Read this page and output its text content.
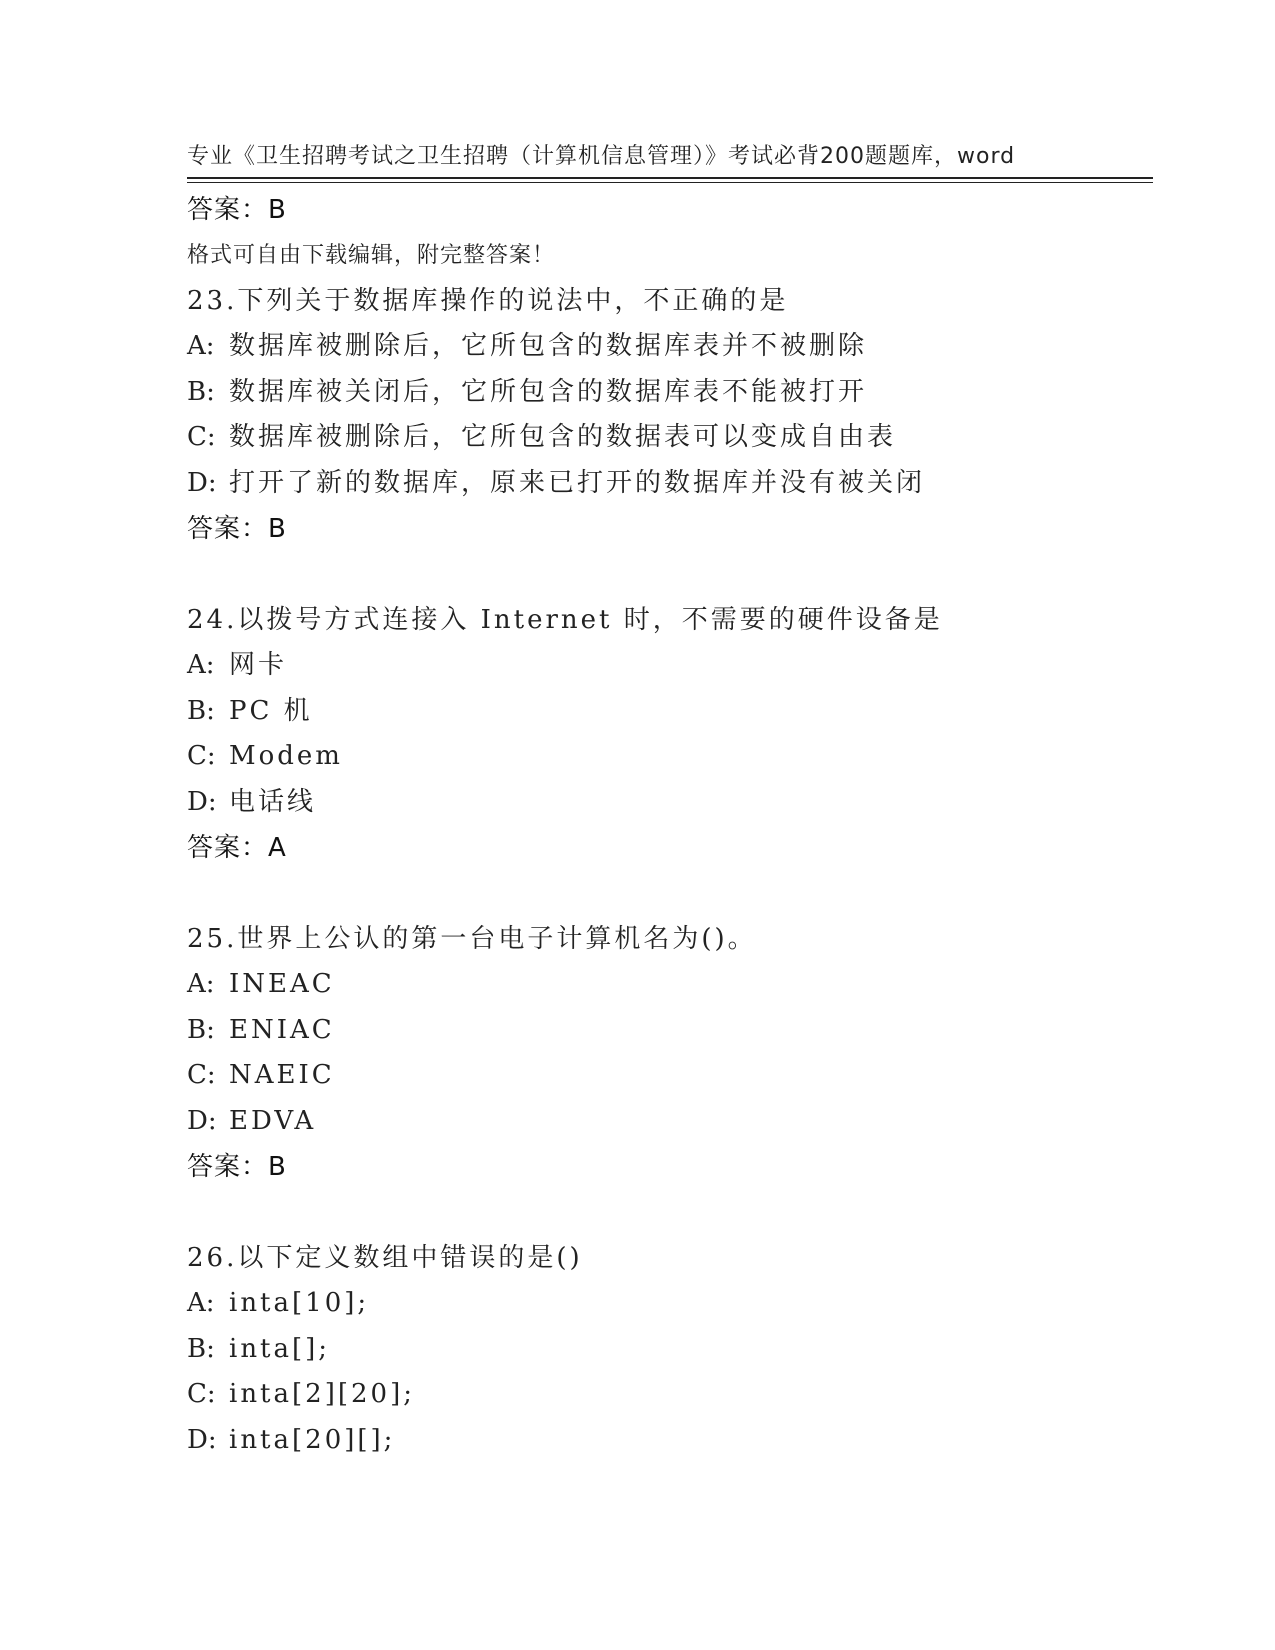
专业《卫生招聘考试之卫生招聘（计算机信息管理）》考试必背200题题库，word

格式可自由下载编辑，附完整答案！

答案：B
23.下列关于数据库操作的说法中，不正确的是
A: 数据库被删除后，它所包含的数据库表并不被删除
B: 数据库被关闭后，它所包含的数据库表不能被打开
C: 数据库被删除后，它所包含的数据表可以变成自由表
D: 打开了新的数据库，原来已打开的数据库并没有被关闭
答案：B
24.以拨号方式连接入 Internet 时，不需要的硬件设备是
A: 网卡
B: PC 机
C: Modem
D: 电话线
答案：A
25.世界上公认的第一台电子计算机名为()。
A: INEAC
B: ENIAC
C: NAEIC
D: EDVA
答案：B
26.以下定义数组中错误的是()
A: inta[10];
B: inta[];
C: inta[2][20];
D: inta[20][];
